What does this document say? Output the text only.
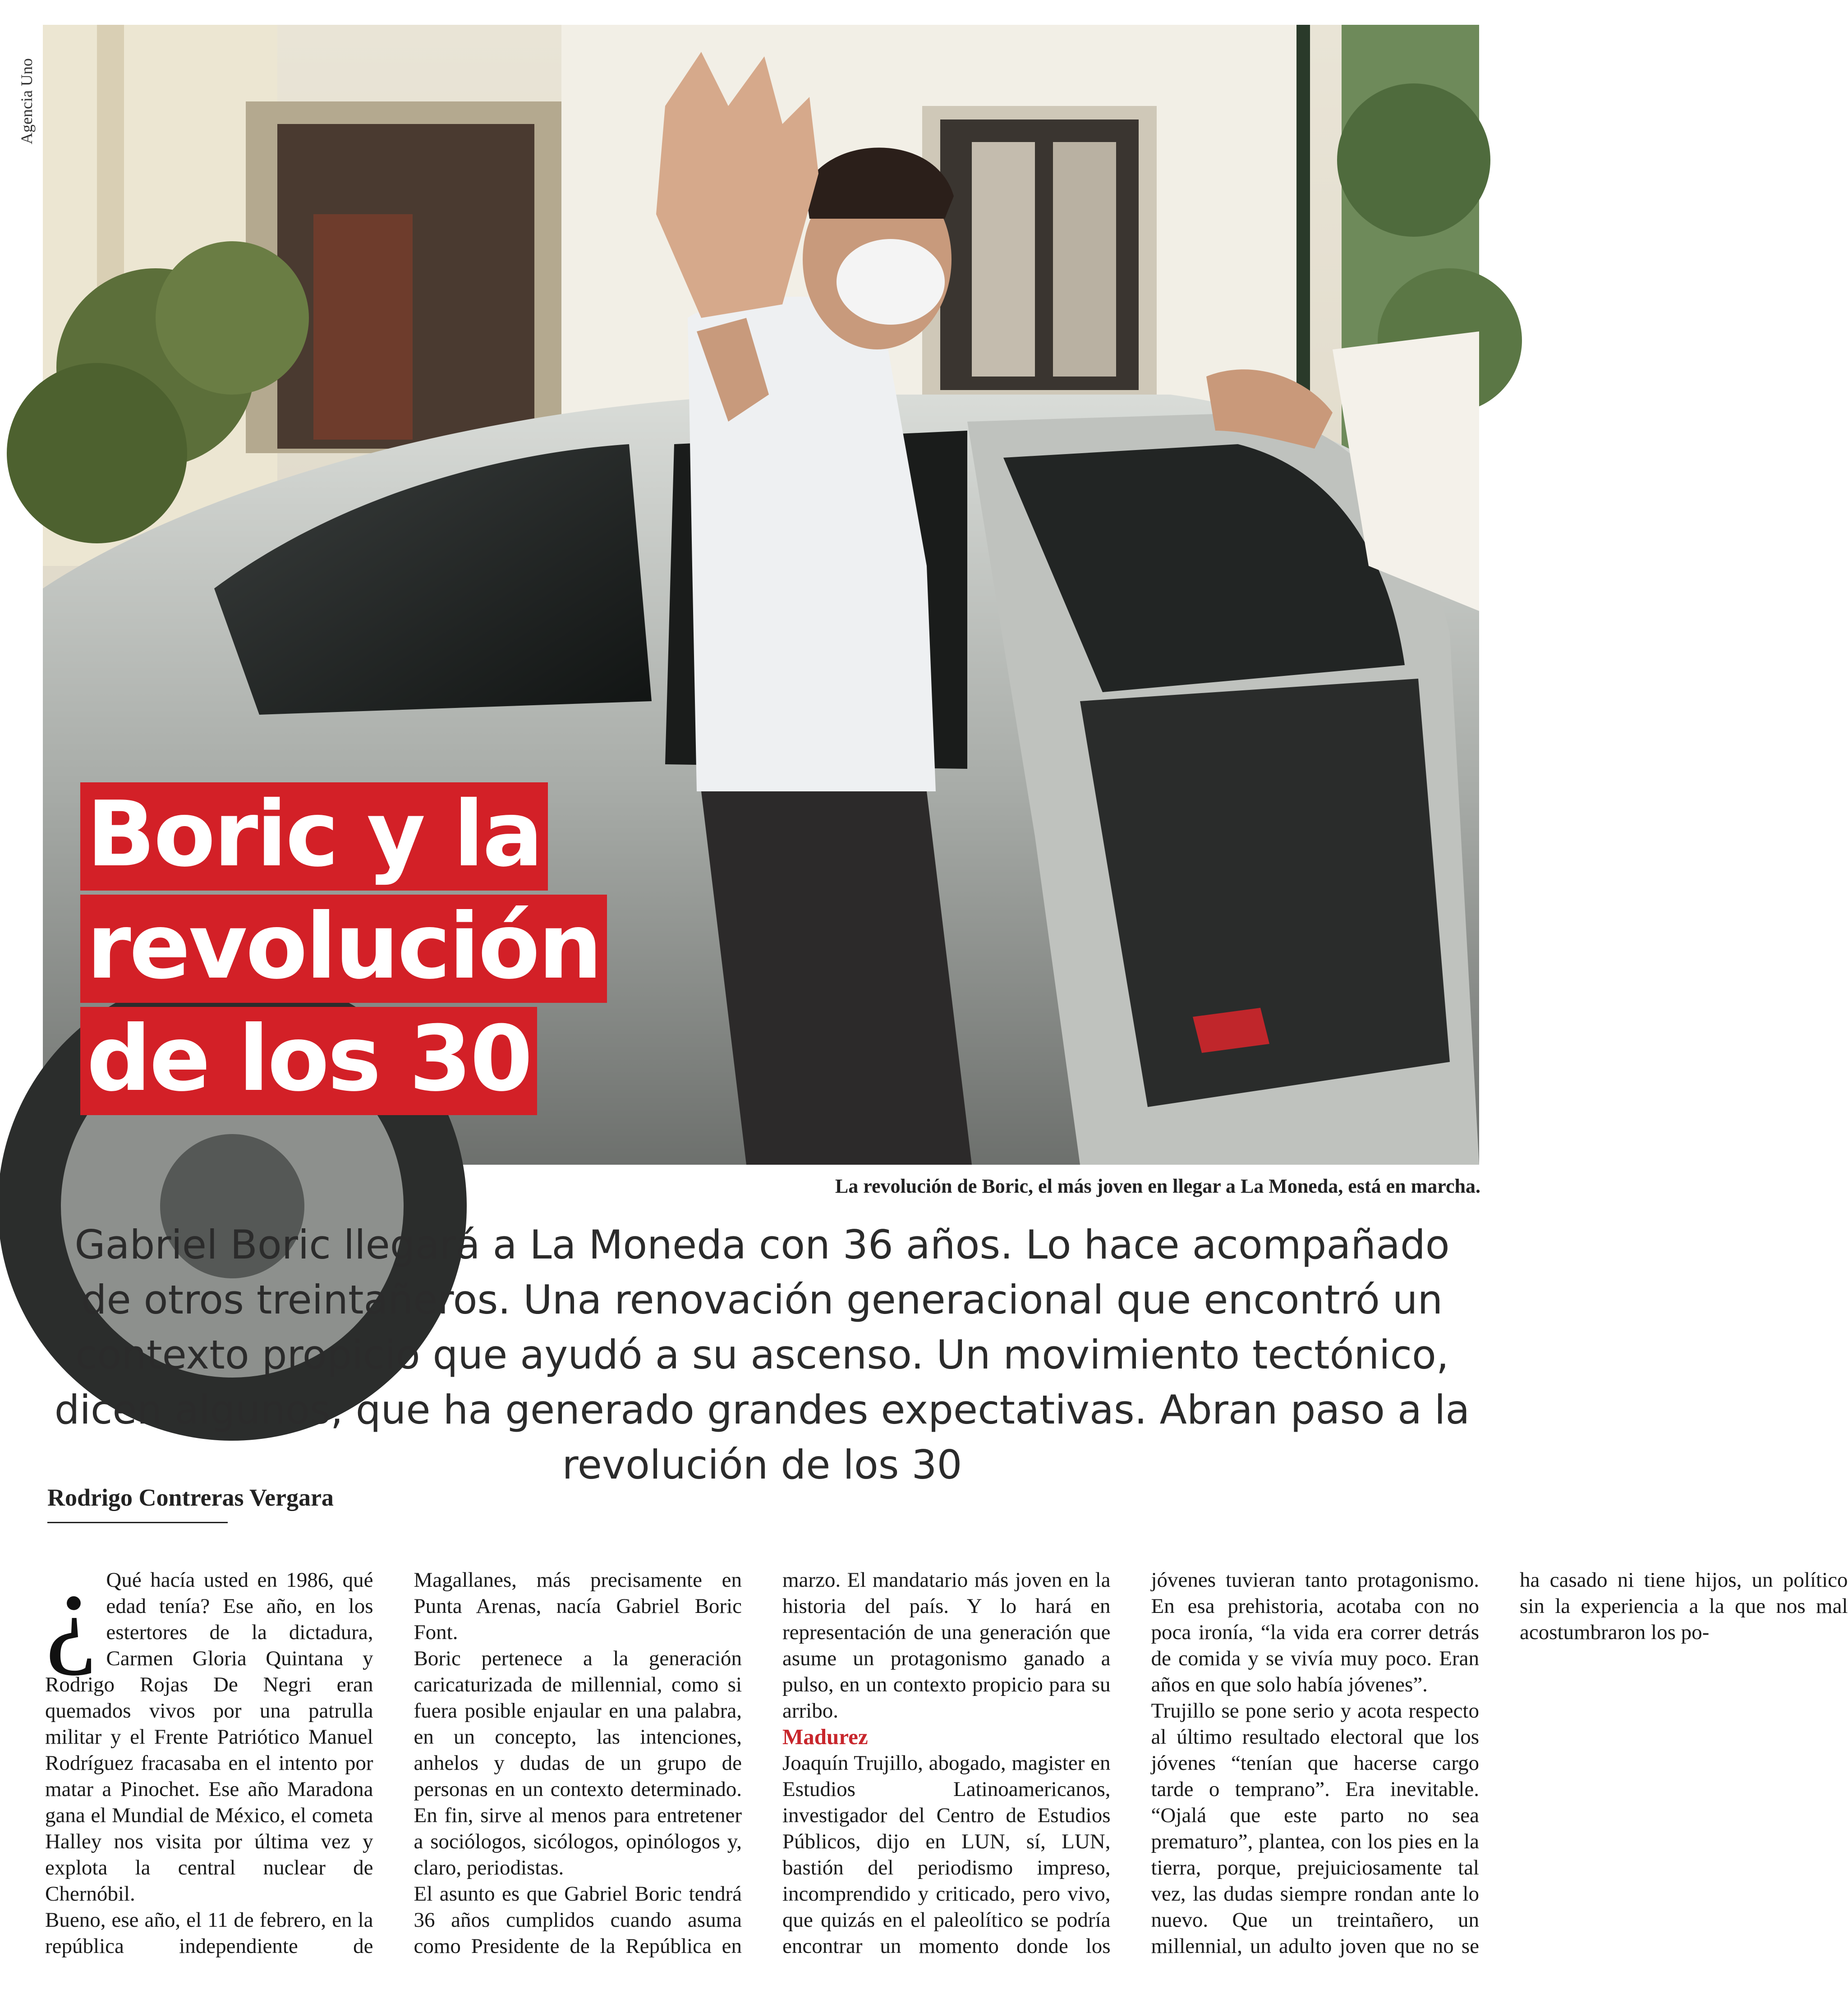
Agencia Uno
Boric y la
revolución
de los 30
La revolución de Boric, el más joven en llegar a La Moneda, está en marcha.
Gabriel Boric llegará a La Moneda con 36 años. Lo hace acompañado de otros treintañeros. Una renovación generacional que encontró un contexto propicio que ayudó a su ascenso. Un movimiento tectónico, dicen algunos, que ha generado grandes expectativas. Abran paso a la revolución de los 30
Rodrigo Contreras Vergara

¿ Qué hacía usted en 1986, qué edad tenía? Ese año, en los estertores de la dictadura, Carmen Gloria Quintana y Rodrigo Rojas De Negri eran quemados vivos por una patrulla militar y el Frente Patriótico Manuel Rodríguez fracasaba en el intento por matar a Pinochet. Ese año Maradona gana el Mundial de México, el cometa Halley nos visita por última vez y explota la central nuclear de Chernóbil.

Bueno, ese año, el 11 de febrero, en la república independiente de Magallanes, más precisamente en Punta Arenas, nacía Gabriel Boric Font.

Boric pertenece a la generación caricaturizada de millennial, como si fuera posible enjaular en una palabra, en un concepto, las intenciones, anhelos y dudas de un grupo de personas en un contexto determinado. En fin, sirve al menos para entretener a sociólogos, sicólogos, opinólogos y, claro, periodistas.

El asunto es que Gabriel Boric tendrá 36 años cumplidos cuando asuma como Presidente de la República en marzo. El mandatario más joven en la historia del país. Y lo hará en representación de una generación que asume un protagonismo ganado a pulso, en un contexto propicio para su arribo.

Madurez

Joaquín Trujillo, abogado, magister en Estudios Latinoamericanos, investigador del Centro de Estudios Públicos, dijo en LUN, sí, LUN, bastión del periodismo impreso, incomprendido y criticado, pero vivo, que quizás en el paleolítico se podría encontrar un momento donde los jóvenes tuvieran tanto protagonismo. En esa prehistoria, acotaba con no poca ironía, “la vida era correr detrás de comida y se vivía muy poco. Eran años en que solo había jóvenes”.

Trujillo se pone serio y acota respecto al último resultado electoral que los jóvenes “tenían que hacerse cargo tarde o temprano”. Era inevitable. “Ojalá que este parto no sea prematuro”, plantea, con los pies en la tierra, porque, prejuiciosamente tal vez, las dudas siempre rondan ante lo nuevo. Que un treintañero, un millennial, un adulto joven que no se ha casado ni tiene hijos, un político sin la experiencia a la que nos mal acostumbraron los po-
